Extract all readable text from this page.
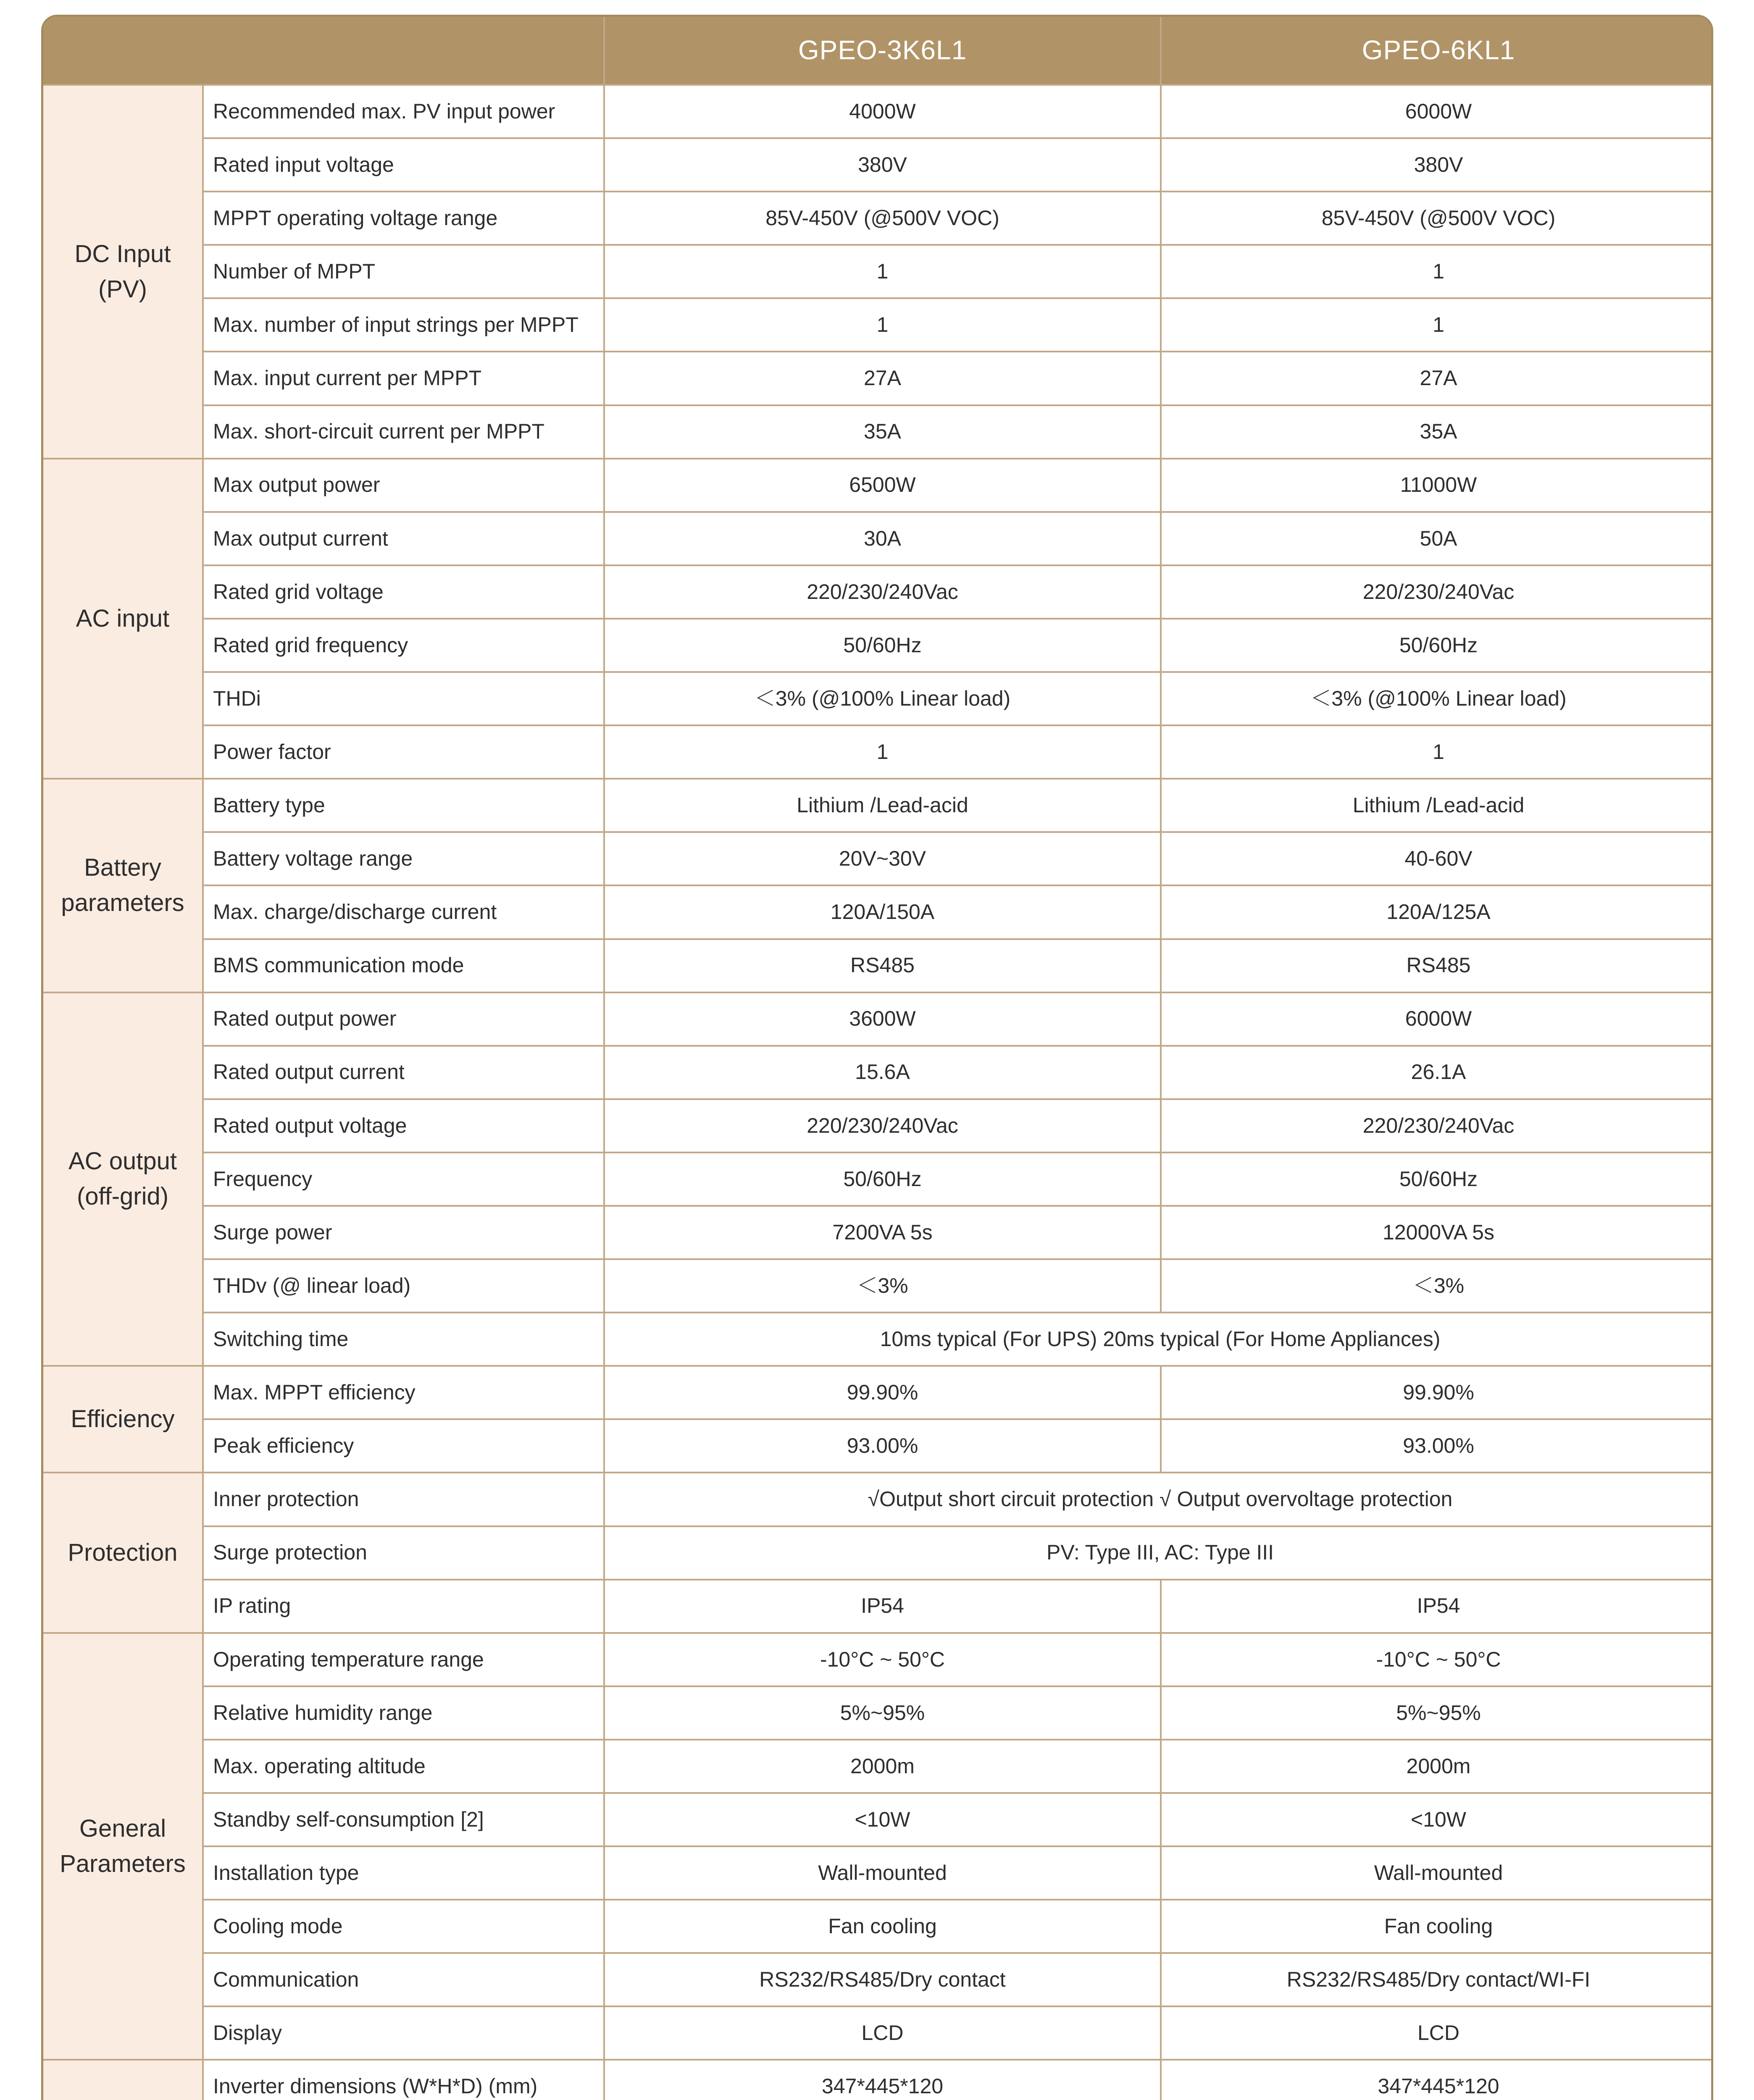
		GPEO-3K6L1	GPEO-6KL1
DC Input
(PV)	Recommended max. PV input power	4000W	6000W
	Rated input voltage	380V	380V
	MPPT operating voltage range	85V-450V (@500V VOC)	85V-450V (@500V VOC)
	Number of MPPT	1	1
	Max. number of input strings per MPPT	1	1
	Max. input current per MPPT	27A	27A
	Max. short-circuit current per MPPT	35A	35A
AC input	Max output power	6500W	11000W
	Max output current	30A	50A
	Rated grid voltage	220/230/240Vac	220/230/240Vac
	Rated grid frequency	50/60Hz	50/60Hz
	THDi	＜3% (@100% Linear load)	＜3% (@100% Linear load)
	Power factor	1	1
Battery
parameters	Battery type	Lithium /Lead-acid	Lithium /Lead-acid
	Battery voltage range	20V~30V	40-60V
	Max. charge/discharge current	120A/150A	120A/125A
	BMS communication mode	RS485	RS485
AC output
(off-grid)	Rated output power	3600W	6000W
	Rated output current	15.6A	26.1A
	Rated output voltage	220/230/240Vac	220/230/240Vac
	Frequency	50/60Hz	50/60Hz
	Surge power	7200VA 5s	12000VA 5s
	THDv (@ linear load)	＜3%	＜3%
	Switching time	10ms typical (For UPS) 20ms typical (For Home Appliances)	
Efficiency	Max. MPPT efficiency	99.90%	99.90%
	Peak efficiency	93.00%	93.00%
Protection	Inner protection	√Output short circuit protection √ Output overvoltage protection	
	Surge protection	PV: Type III, AC: Type III	
	IP rating	IP54	IP54
General
Parameters	Operating temperature range	-10°C ~ 50°C	-10°C ~ 50°C
	Relative humidity range	5%~95%	5%~95%
	Max. operating altitude	2000m	2000m
	Standby self-consumption [2]	<10W	<10W
	Installation type	Wall-mounted	Wall-mounted
	Cooling mode	Fan cooling	Fan cooling
	Communication	RS232/RS485/Dry contact	RS232/RS485/Dry contact/WI-FI
	Display	LCD	LCD
	Inverter dimensions (W*H*D) (mm)	347*445*120	347*445*120
